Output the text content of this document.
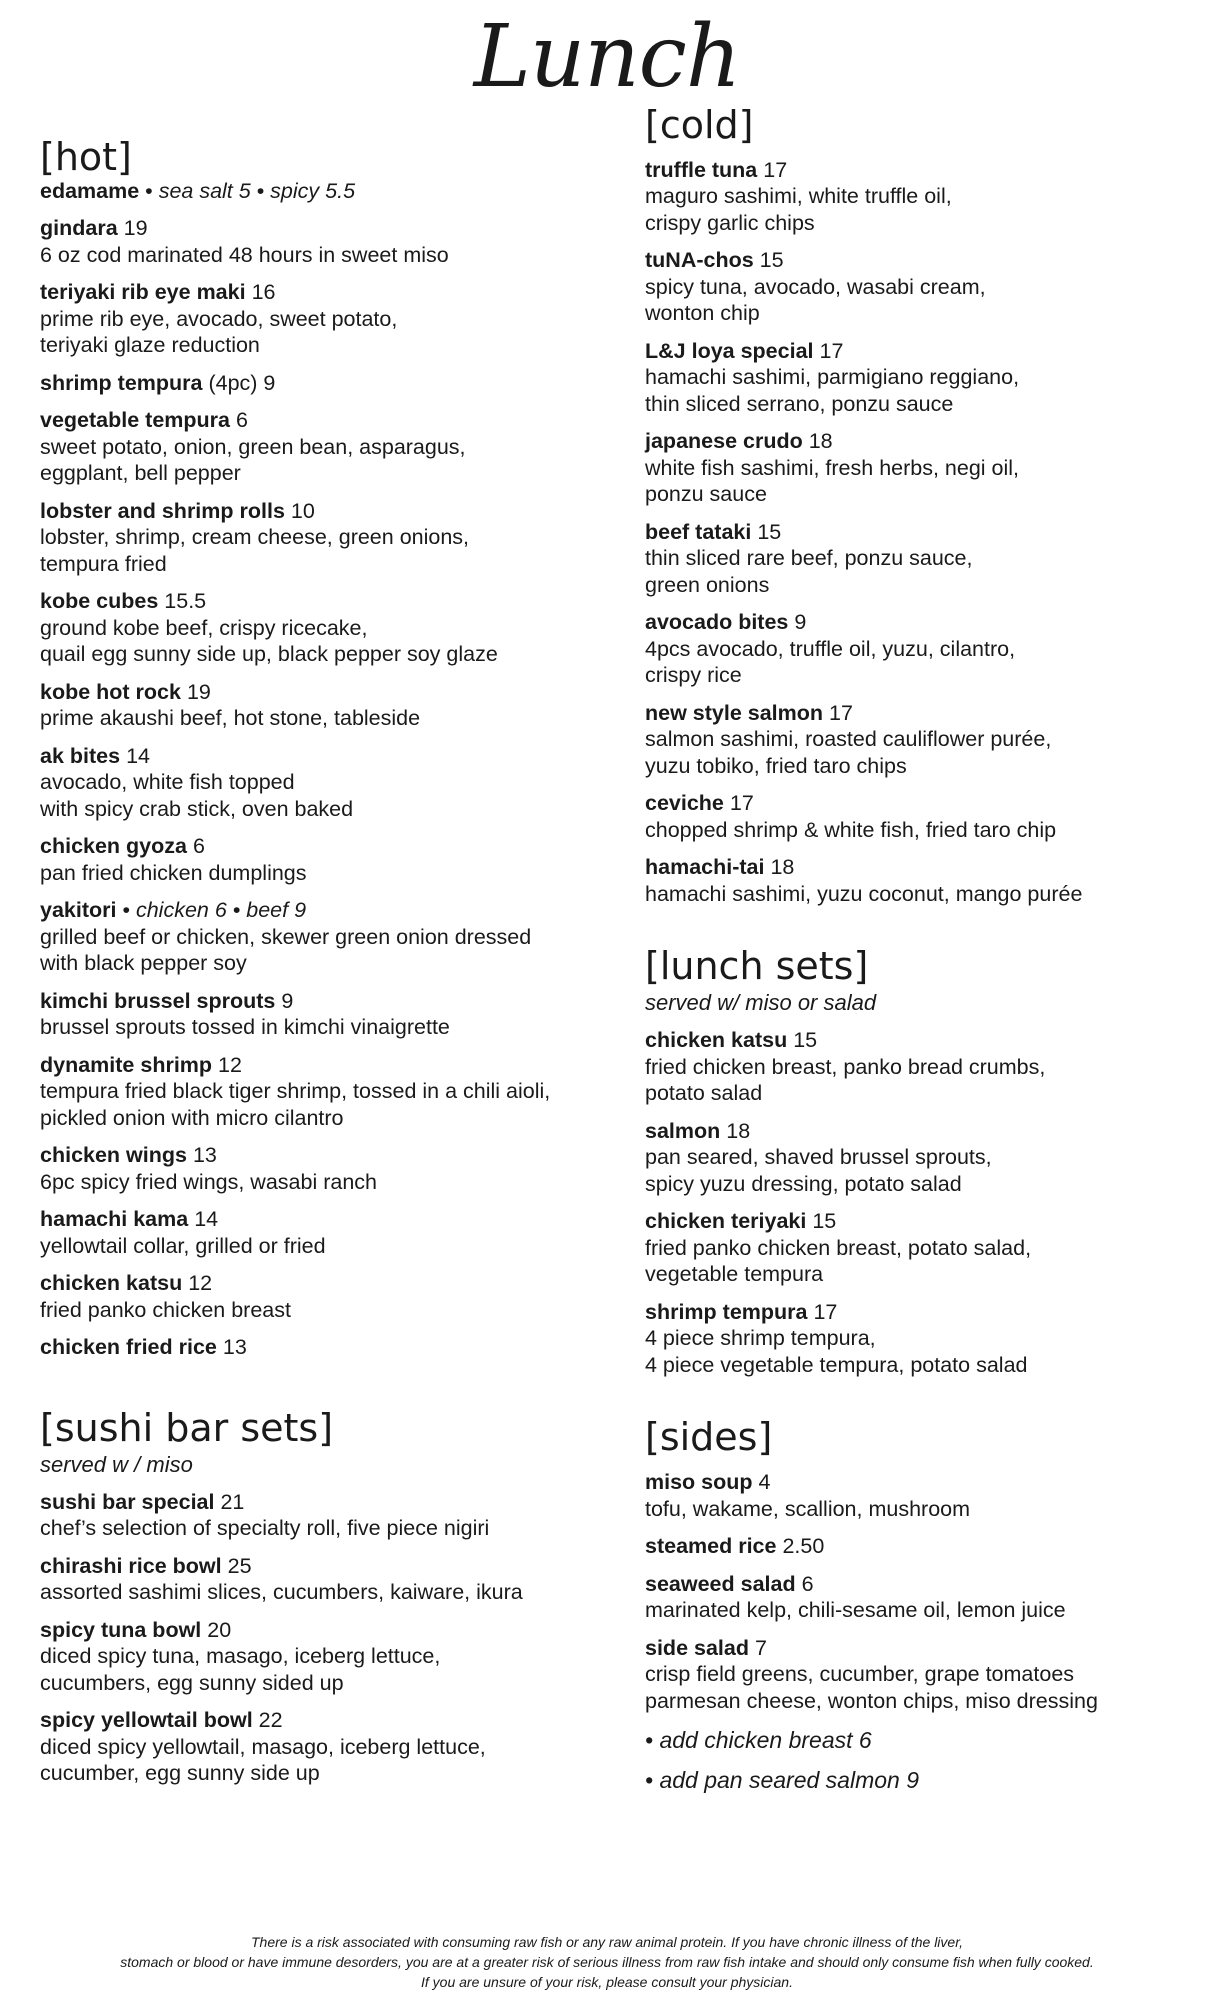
Lunch
[hot]
edamame • sea salt 5 • spicy 5.5
gindara 19
6 oz cod marinated 48 hours in sweet miso
teriyaki rib eye maki 16
prime rib eye, avocado, sweet potato,
teriyaki glaze reduction
shrimp tempura (4pc) 9
vegetable tempura 6
sweet potato, onion, green bean, asparagus,
eggplant, bell pepper
lobster and shrimp rolls 10
lobster, shrimp, cream cheese, green onions,
tempura fried
kobe cubes 15.5
ground kobe beef, crispy ricecake,
quail egg sunny side up, black pepper soy glaze
kobe hot rock 19
prime akaushi beef, hot stone, tableside
ak bites 14
avocado, white fish topped
with spicy crab stick, oven baked
chicken gyoza 6
pan fried chicken dumplings
yakitori • chicken 6 • beef 9
grilled beef or chicken, skewer green onion dressed
with black pepper soy
kimchi brussel sprouts 9
brussel sprouts tossed in kimchi vinaigrette
dynamite shrimp 12
tempura fried black tiger shrimp, tossed in a chili aioli,
pickled onion with micro cilantro
chicken wings 13
6pc spicy fried wings, wasabi ranch
hamachi kama 14
yellowtail collar, grilled or fried
chicken katsu 12
fried panko chicken breast
chicken fried rice 13
[sushi bar sets]
served w / miso
sushi bar special 21
chef’s selection of specialty roll, five piece nigiri
chirashi rice bowl 25
assorted sashimi slices, cucumbers, kaiware, ikura
spicy tuna bowl 20
diced spicy tuna, masago, iceberg lettuce,
cucumbers, egg sunny sided up
spicy yellowtail bowl 22
diced spicy yellowtail, masago, iceberg lettuce,
cucumber, egg sunny side up
[cold]
truffle tuna 17
maguro sashimi, white truffle oil,
crispy garlic chips
tuNA-chos 15
spicy tuna, avocado, wasabi cream,
wonton chip
L&J loya special 17
hamachi sashimi, parmigiano reggiano,
thin sliced serrano, ponzu sauce
japanese crudo 18
white fish sashimi, fresh herbs, negi oil,
ponzu sauce
beef tataki 15
thin sliced rare beef, ponzu sauce,
green onions
avocado bites 9
4pcs avocado, truffle oil, yuzu, cilantro,
crispy rice
new style salmon 17
salmon sashimi, roasted cauliflower purée,
yuzu tobiko, fried taro chips
ceviche 17
chopped shrimp & white fish, fried taro chip
hamachi-tai 18
hamachi sashimi, yuzu coconut, mango purée
[lunch sets]
served w/ miso or salad
chicken katsu 15
fried chicken breast, panko bread crumbs,
potato salad
salmon 18
pan seared, shaved brussel sprouts,
spicy yuzu dressing, potato salad
chicken teriyaki 15
fried panko chicken breast, potato salad,
vegetable tempura
shrimp tempura 17
4 piece shrimp tempura,
4 piece vegetable tempura, potato salad
[sides]
miso soup 4
tofu, wakame, scallion, mushroom
steamed rice 2.50
seaweed salad 6
marinated kelp, chili-sesame oil, lemon juice
side salad 7
crisp field greens, cucumber, grape tomatoes
parmesan cheese, wonton chips, miso dressing
• add chicken breast 6
• add pan seared salmon 9
There is a risk associated with consuming raw fish or any raw animal protein. If you have chronic illness of the liver,
stomach or blood or have immune desorders, you are at a greater risk of serious illness from raw fish intake and should only consume fish when fully cooked.
If you are unsure of your risk, please consult your physician.
